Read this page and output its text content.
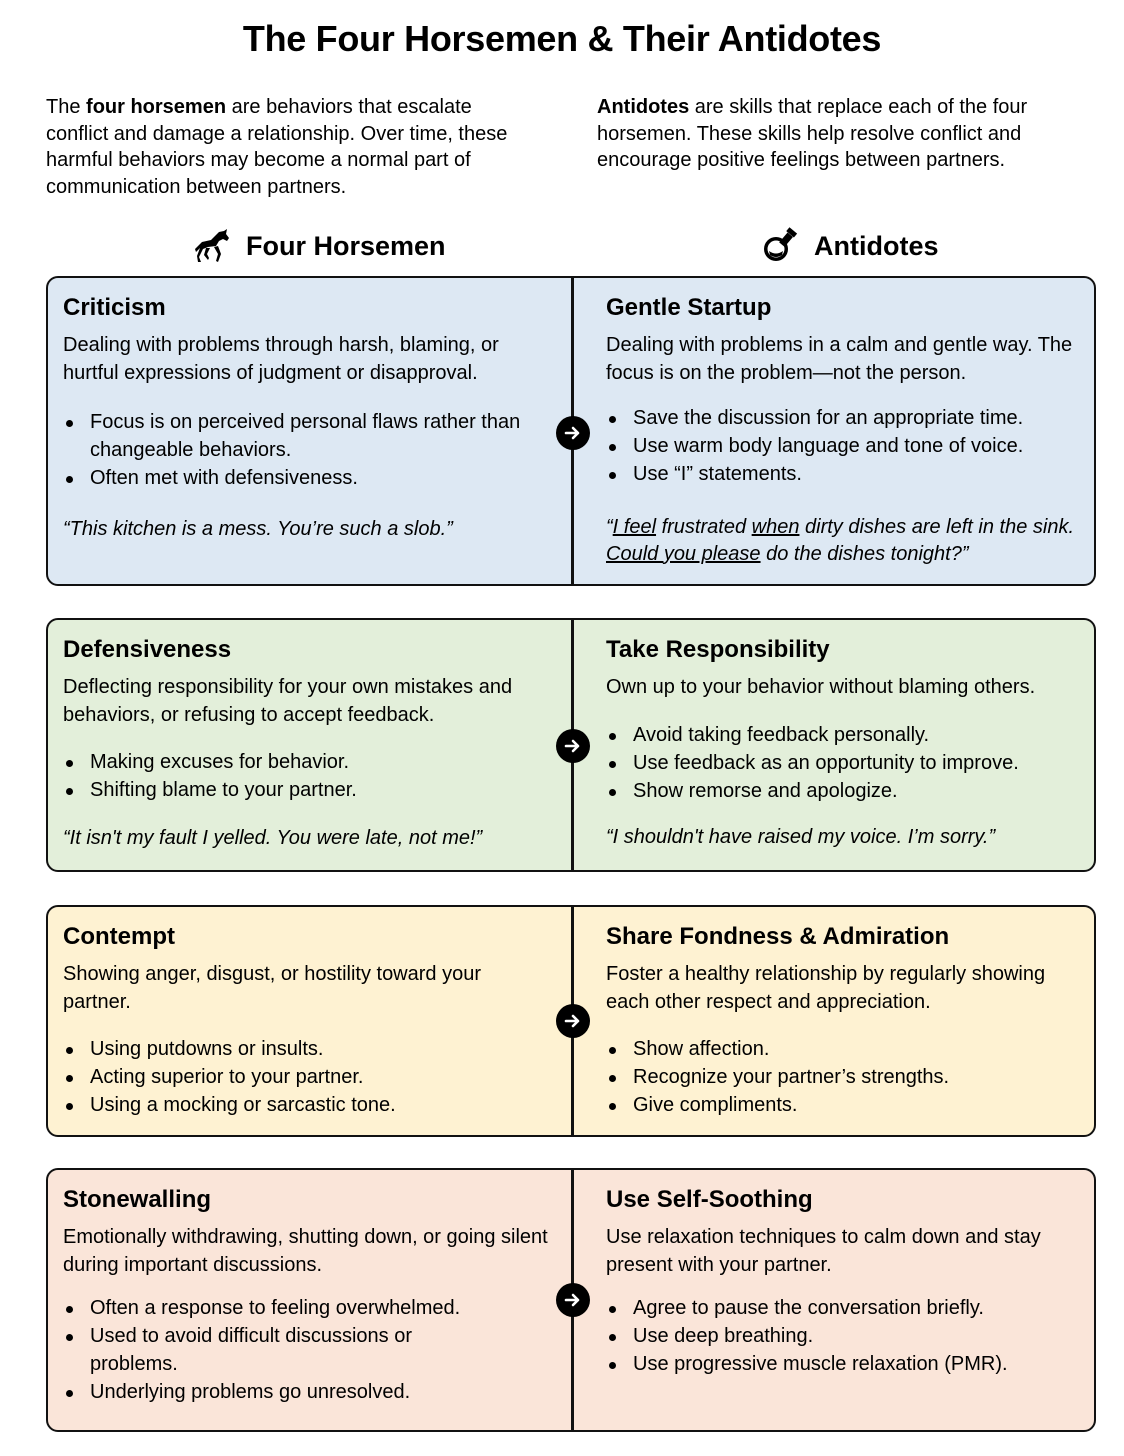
The Four Horsemen & Their Antidotes
The four horsemen are behaviors that escalate conflict and damage a relationship. Over time, these harmful behaviors may become a normal part of communication between partners.
Antidotes are skills that replace each of the four horsemen. These skills help resolve conflict and encourage positive feelings between partners.
Four Horsemen	Antidotes
Criticism
Dealing with problems through harsh, blaming, or hurtful expressions of judgment or disapproval.
Focus is on perceived personal flaws rather than changeable behaviors.
Often met with defensiveness.
“This kitchen is a mess. You’re such a slob.”
Gentle Startup
Dealing with problems in a calm and gentle way. The focus is on the problem—not the person.
Save the discussion for an appropriate time.
Use warm body language and tone of voice.
Use “I” statements.
“I feel frustrated when dirty dishes are left in the sink. Could you please do the dishes tonight?”
Defensiveness
Deflecting responsibility for your own mistakes and behaviors, or refusing to accept feedback.
Making excuses for behavior.
Shifting blame to your partner.
“It isn't my fault I yelled. You were late, not me!”
Take Responsibility
Own up to your behavior without blaming others.
Avoid taking feedback personally.
Use feedback as an opportunity to improve.
Show remorse and apologize.
“I shouldn't have raised my voice. I’m sorry.”
Contempt
Showing anger, disgust, or hostility toward your partner.
Using putdowns or insults.
Acting superior to your partner.
Using a mocking or sarcastic tone.
Share Fondness & Admiration
Foster a healthy relationship by regularly showing each other respect and appreciation.
Show affection.
Recognize your partner’s strengths.
Give compliments.
Stonewalling
Emotionally withdrawing, shutting down, or going silent during important discussions.
Often a response to feeling overwhelmed.
Used to avoid difficult discussions or problems.
Underlying problems go unresolved.
Use Self-Soothing
Use relaxation techniques to calm down and stay present with your partner.
Agree to pause the conversation briefly.
Use deep breathing.
Use progressive muscle relaxation (PMR).
